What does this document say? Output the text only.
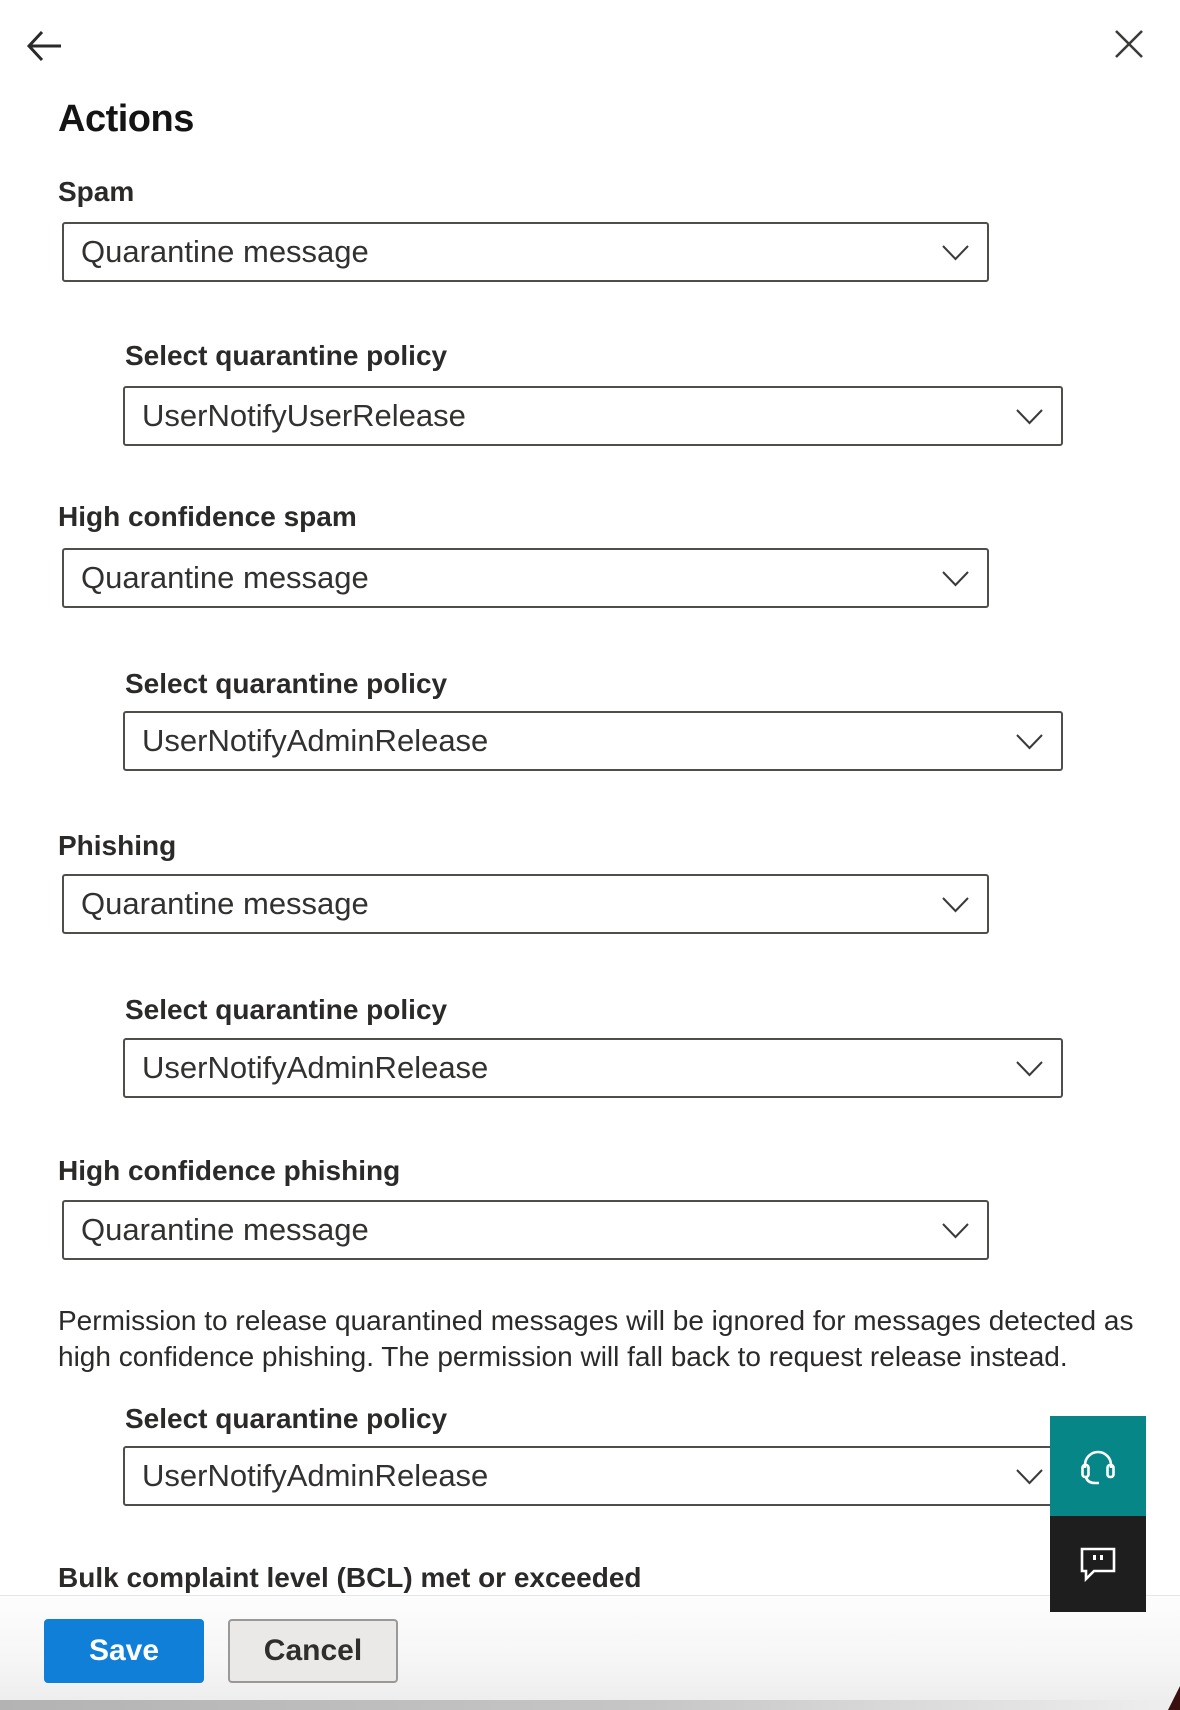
Actions
Spam
Quarantine message
Select quarantine policy
UserNotifyUserRelease
High confidence spam
Quarantine message
Select quarantine policy
UserNotifyAdminRelease
Phishing
Quarantine message
Select quarantine policy
UserNotifyAdminRelease
High confidence phishing
Quarantine message

Permission to release quarantined messages will be ignored for messages detected as high confidence phishing. The permission will fall back to request release instead.

Select quarantine policy
UserNotifyAdminRelease
Bulk complaint level (BCL) met or exceeded
Save	Cancel
